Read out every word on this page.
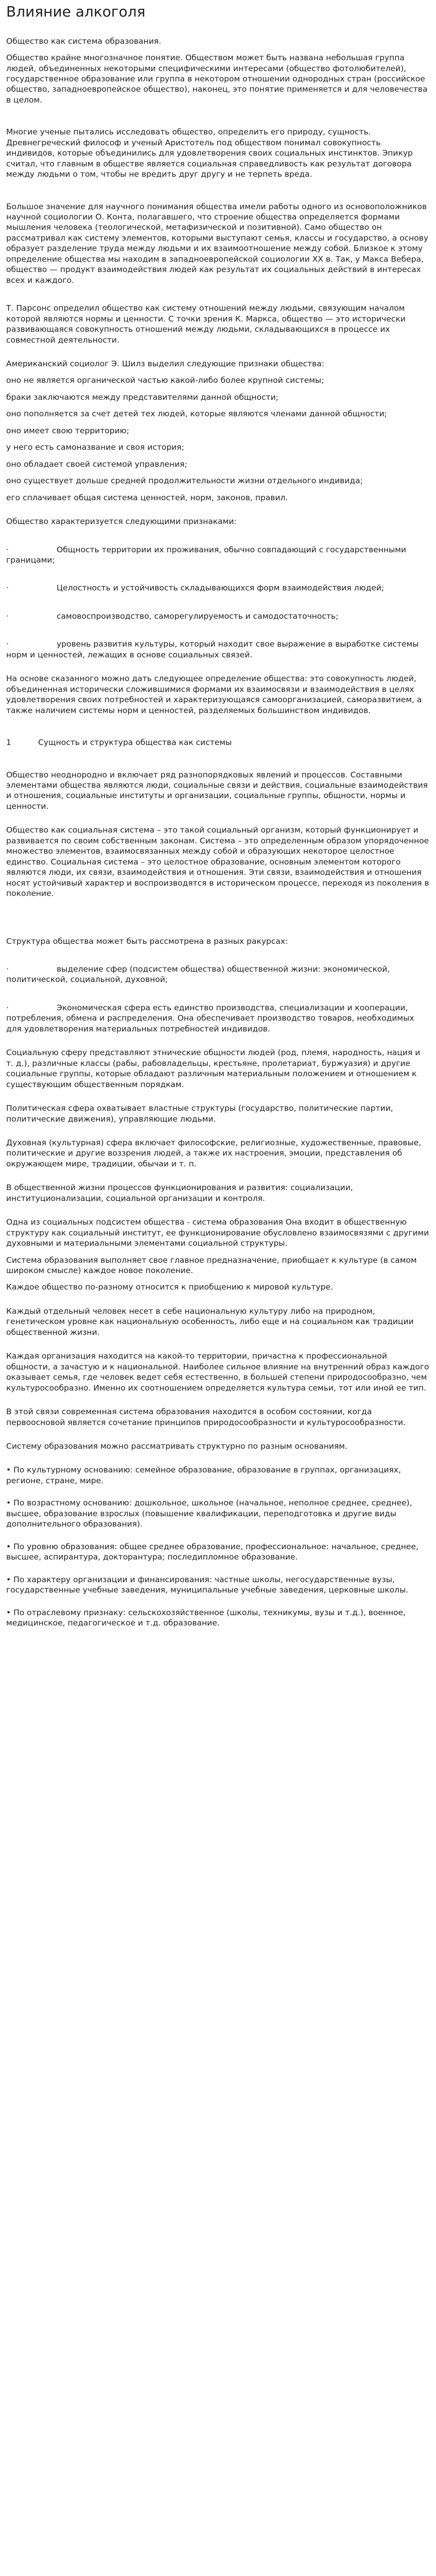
Влияние алкоголя

Общество как система образования.

Общество крайне многозначное понятие. Обществом может быть названа небольшая группа людей, объединенных некоторыми специфическими интересами (общество фотолюбителей), государственное образование или группа в некотором отношении однородных стран (российское общество, западноевропейское общество), наконец, это понятие применяется и для человечества в целом.

Многие ученые пытались исследовать общество, определить его природу, сущность. Древнегреческий философ и ученый Аристотель под обществом понимал совокупность индивидов, которые объединились для удовлетворения своих социальных инстинктов. Эпикур считал, что главным в обществе является социальная справедливость как результат договора между людьми о том, чтобы не вредить друг другу и не терпеть вреда.

Большое значение для научного понимания общества имели работы одного из основоположников научной социологии О. Конта, полагавшего, что строение общества определяется формами мышления человека (теологической, метафизической и позитивной). Само общество он рассматривал как систему элементов, которыми выступают семья, классы и государство, а основу образует разделение труда между людьми и их взаимоотношение между собой. Близкое к этому определение общества мы находим в западноевропейской социологии XX в. Так, у Макса Вебера, общество — продукт взаимодействия людей как результат их социальных действий в интересах всех и каждого.

Т. Парсонс определил общество как систему отношений между людьми, связующим началом которой являются нормы и ценности. С точки зрения К. Маркса, общество — это исторически развивающаяся совокупность отношений между людьми, складывающихся в процессе их совместной деятельности.

Американский социолог Э. Шилз выделил следующие признаки общества:

оно не является органической частью какой-либо более крупной системы;

браки заключаются между представителями данной общности;

оно пополняется за счет детей тех людей, которые являются членами данной общности;

оно имеет свою территорию;

у него есть самоназвание и своя история;

оно обладает своей системой управления;

оно существует дольше средней продолжительности жизни отдельного индивида;

его сплачивает общая система ценностей, норм, законов, правил.

Общество характеризуется следующими признаками:

·	Общность территории их проживания, обычно совпадающий с государственными границами;

·	Целостность и устойчивость складывающихся форм взаимодействия людей;

·	самовоспроизводство, саморегулируемость и самодостаточность;

·	уровень развития культуры, который находит свое выражение в выработке системы норм и ценностей, лежащих в основе социальных связей.

На основе сказанного можно дать следующее определение общества: это совокупность людей, объединенная исторически сложившимися формами их взаимосвязи и взаимодействия в целях удовлетворения своих потребностей и характеризующаяся самоорганизацией, саморазвитием, а также наличием системы норм и ценностей, разделяемых большинством индивидов.

1	Сущность и структура общества как системы

Общество неоднородно и включает ряд разнопорядковых явлений и процессов. Составными элементами общества являются люди, социальные связи и действия, социальные взаимодействия и отношения, социальные институты и организации, социальные группы, общности, нормы и ценности.

Общество как социальная система – это такой социальный организм, который функционирует и развивается по своим собственным законам. Система – это определенным образом упорядоченное множество элементов, взаимосвязанных между собой и образующих некоторое целостное единство. Социальная система – это целостное образование, основным элементом которого являются люди, их связи, взаимодействия и отношения. Эти связи, взаимодействия и отношения носят устойчивый характер и воспроизводятся в историческом процессе, переходя из поколения в поколение.

Структура общества может быть рассмотрена в разных ракурсах:

·	выделение сфер (подсистем общества) общественной жизни: экономической, политической, социальной, духовной;

·	Экономическая сфера есть единство производства, специализации и кооперации, потребления, обмена и распределения. Она обеспечивает производство товаров, необходимых для удовлетворения материальных потребностей индивидов.

Социальную сферу представляют этнические общности людей (род, племя, народность, нация и т. д.), различные классы (рабы, рабовладельцы, крестьяне, пролетариат, буржуазия) и другие социальные группы, которые обладают различным материальным положением и отношением к существующим общественным порядкам.

Политическая сфера охватывает властные структуры (государство, политические партии, политические движения), управляющие людьми.

Духовная (культурная) сфера включает философские, религиозные, художественные, правовые, политические и другие воззрения людей, а также их настроения, эмоции, представления об окружающем мире, традиции, обычаи и т. п.

В общественной жизни процессов функционирования и развития: социализации, институционализации, социальной организации и контроля.

Одна из социальных подсистем общества - система образования Она входит в общественную структуру как социальный институт, ее функционирование обусловлено взаимосвязями с другими духовными и материальными элементами социальной структуры.

Система образования выполняет свое главное предназначение, приобщает к культуре (в самом широком смысле) каждое новое поколение.

Каждое общество по-разному относится к приобщению к мировой культуре.

Каждый отдельный человек несет в себе национальную культуру либо на природном, генетическом уровне как национальную особенность, либо еще и на социальном как традиции общественной жизни.

Каждая организация находится на какой-то территории, причастна к профессиональной общности, а зачастую и к национальной. Наиболее сильное влияние на внутренний образ каждого оказывает семья, где человек ведет себя естественно, в большей степени природосообразно, чем культуросообразно. Именно их соотношением определяется культура семьи, тот или иной ее тип.

В этой связи современная система образования находится в особом состоянии, когда первоосновой является сочетание принципов природосообразности и культуросообразности.

Систему образования можно рассматривать структурно по разным основаниям.

• По культурному основанию: семейное образование, образование в группах, организациях, регионе, стране, мире.

• По возрастному основанию: дошкольное, школьное (начальное, неполное среднее, среднее), высшее, образование взрослых (повышение квалификации, переподготовка и другие виды дополнительного образования).

• По уровню образования: общее среднее образование, профессиональное: начальное, среднее, высшее, аспирантура, докторантура; последипломное образование.

• По характеру организации и финансирования: частные школы, негосударственные вузы, государственные учебные заведения, муниципальные учебные заведения, церковные школы.

• По отраслевому признаку: сельскохозяйственное (школы, техникумы, вузы и т.д.), военное, медицинское, педагогическое и т.д. образование.
